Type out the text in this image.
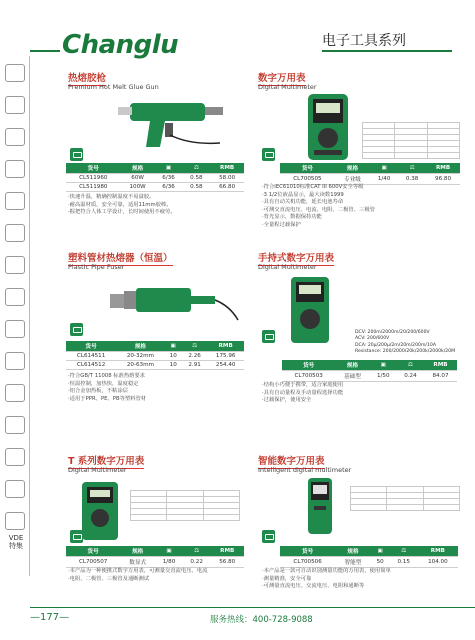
Changlu	电子工具系列
VDE
特集
热熔胶枪
Premium Hot Melt Glue Gun
货号	规格	▣	⚖	RMB
CL511960	60W	6/36	0.58	58.00
CL511980	100W	6/36	0.58	66.80
·快速升温，精确控制温度不易溢胶。
·耐高温材质，安全可靠，适用11mm胶棒。
·握把符合人体工学设计，长时间使用不疲劳。
数字万用表
Digital Multimeter

货号	规格	▣	⚖	RMB
CL700505	专业级	1/40	0.38	96.80
·符合IEC61010标准CAT III 600V安全等级
·3 1/2位液晶显示，最大读数1999
·具有自动关机功能，延长电池寿命
·可测交直流电压、电流、电阻、二极管、三极管
·背光显示，数据保持功能
·全量程过载保护
塑料管材热熔器（恒温）
Plastic Pipe Fuser
货号	规格	▣	⚖	RMB
CL614511	20-32mm	10	2.26	175.96
CL614512	20-63mm	10	2.91	254.40
·符合GB/T 11008 标准热熔要求
·恒温控制，加热快，温度稳定
·铝合金加热板，不粘涂层
·适用于PPR、PE、PB等塑料管材
手持式数字万用表
Digital Multimeter
DCV: 200m/2000m/20/200/600V
ACV: 200/600V
DCA: 20µ/200µ/2m/20m/200m/10A
Resistance: 200/2000/20k/200k/2000k/20M
货号	规格	▣	⚖	RMB
CL700503	基础型	1/50	0.24	84.07
·结构小巧便于携带，适合家庭使用
·具有自动量程及手动量程选择功能
·过载保护，使用安全
T 系列数字万用表
Digital Multimeter

货号	规格	▣	⚖	RMB
CL700507	数显式	1/80	0.22	56.80
·本产品为一种便携式数字万用表，可测量交直流电压、电流
·电阻、二极管、三极管及通断测试
智能数字万用表
Intelligent digital multimeter

货号	规格	▣	⚖	RMB
CL700506	智能型	50	0.15	104.00
·本产品是一款可自动识别测量功能的万用表，使用简单
·测量精准，安全可靠
·可测量直流电压、交流电压、电阻和通断等
—177—	服务热线：400-728-9088
